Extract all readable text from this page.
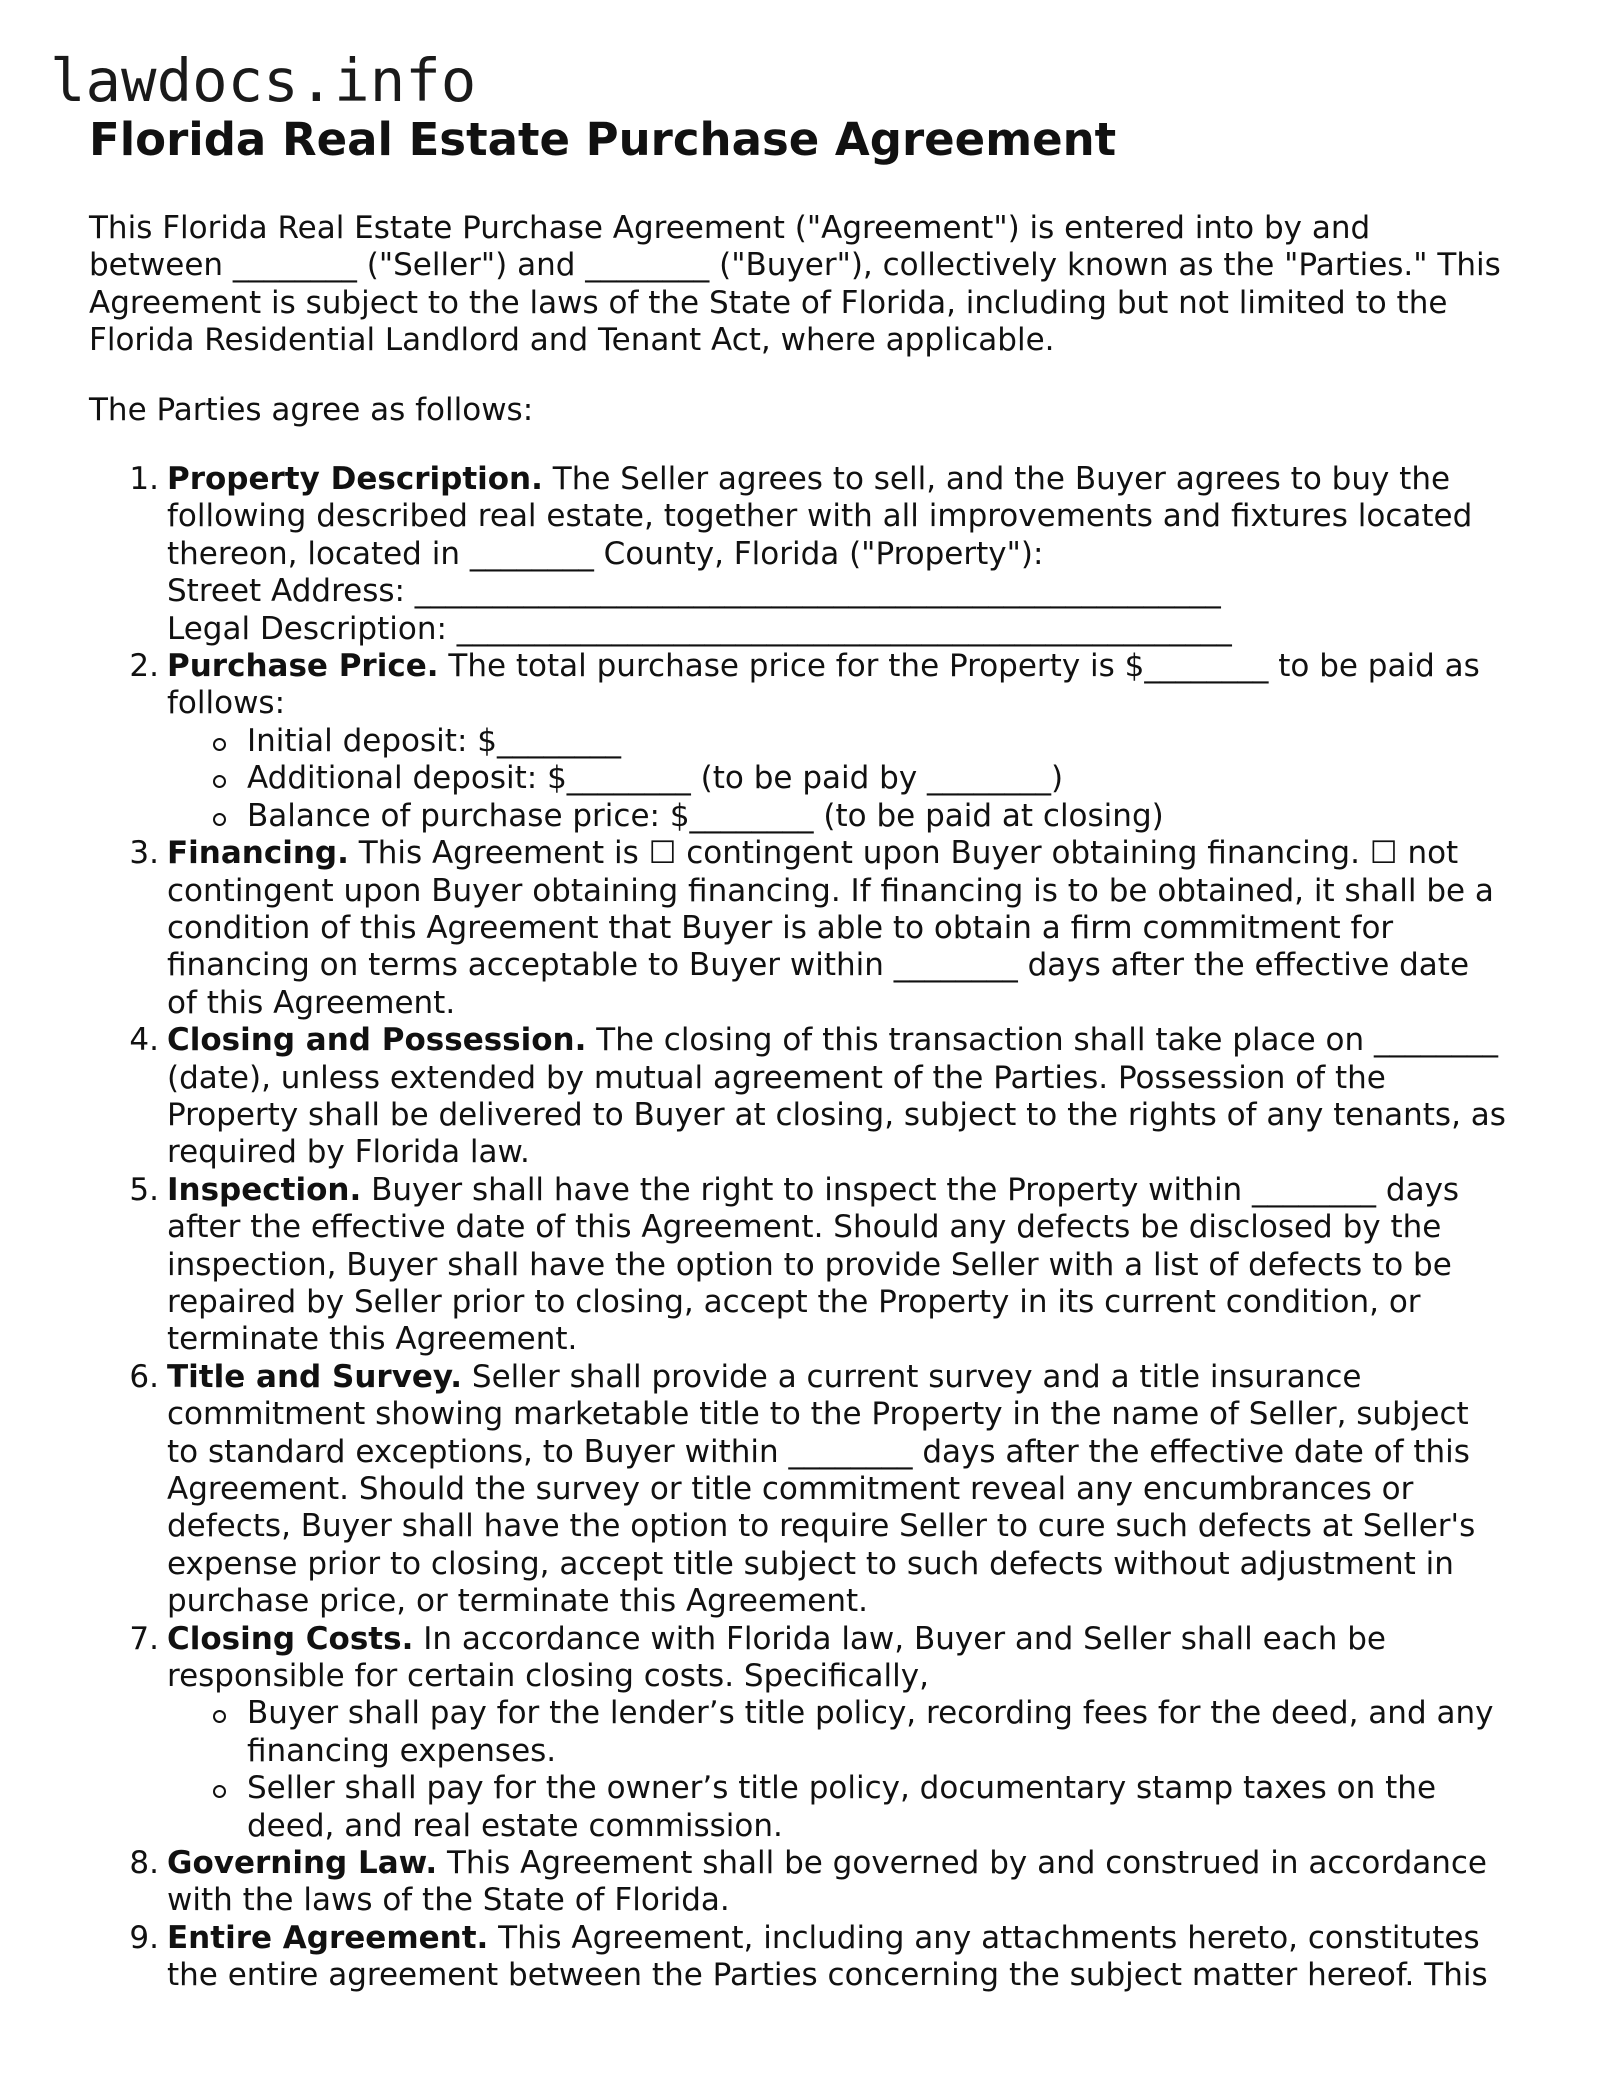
lawdocs.info
Florida Real Estate Purchase Agreement

This Florida Real Estate Purchase Agreement ("Agreement") is entered into by and
between ________ ("Seller") and ________ ("Buyer"), collectively known as the "Parties." This
Agreement is subject to the laws of the State of Florida, including but not limited to the
Florida Residential Landlord and Tenant Act, where applicable.

The Parties agree as follows:

1. Property Description. The Seller agrees to sell, and the Buyer agrees to buy the
following described real estate, together with all improvements and fixtures located
thereon, located in ________ County, Florida ("Property"):
Street Address: ____________________________________________________
Legal Description: __________________________________________________
2. Purchase Price. The total purchase price for the Property is $________ to be paid as
follows:
Initial deposit: $________
Additional deposit: $________ (to be paid by ________)
Balance of purchase price: $________ (to be paid at closing)
3. Financing. This Agreement is ☐ contingent upon Buyer obtaining financing. ☐ not
contingent upon Buyer obtaining financing. If financing is to be obtained, it shall be a
condition of this Agreement that Buyer is able to obtain a firm commitment for
financing on terms acceptable to Buyer within ________ days after the effective date
of this Agreement.
4. Closing and Possession. The closing of this transaction shall take place on ________
(date), unless extended by mutual agreement of the Parties. Possession of the
Property shall be delivered to Buyer at closing, subject to the rights of any tenants, as
required by Florida law.
5. Inspection. Buyer shall have the right to inspect the Property within ________ days
after the effective date of this Agreement. Should any defects be disclosed by the
inspection, Buyer shall have the option to provide Seller with a list of defects to be
repaired by Seller prior to closing, accept the Property in its current condition, or
terminate this Agreement.
6. Title and Survey. Seller shall provide a current survey and a title insurance
commitment showing marketable title to the Property in the name of Seller, subject
to standard exceptions, to Buyer within ________ days after the effective date of this
Agreement. Should the survey or title commitment reveal any encumbrances or
defects, Buyer shall have the option to require Seller to cure such defects at Seller's
expense prior to closing, accept title subject to such defects without adjustment in
purchase price, or terminate this Agreement.
7. Closing Costs. In accordance with Florida law, Buyer and Seller shall each be
responsible for certain closing costs. Specifically,
Buyer shall pay for the lender’s title policy, recording fees for the deed, and any
financing expenses.
Seller shall pay for the owner’s title policy, documentary stamp taxes on the
deed, and real estate commission.
8. Governing Law. This Agreement shall be governed by and construed in accordance
with the laws of the State of Florida.
9. Entire Agreement. This Agreement, including any attachments hereto, constitutes
the entire agreement between the Parties concerning the subject matter hereof. This
